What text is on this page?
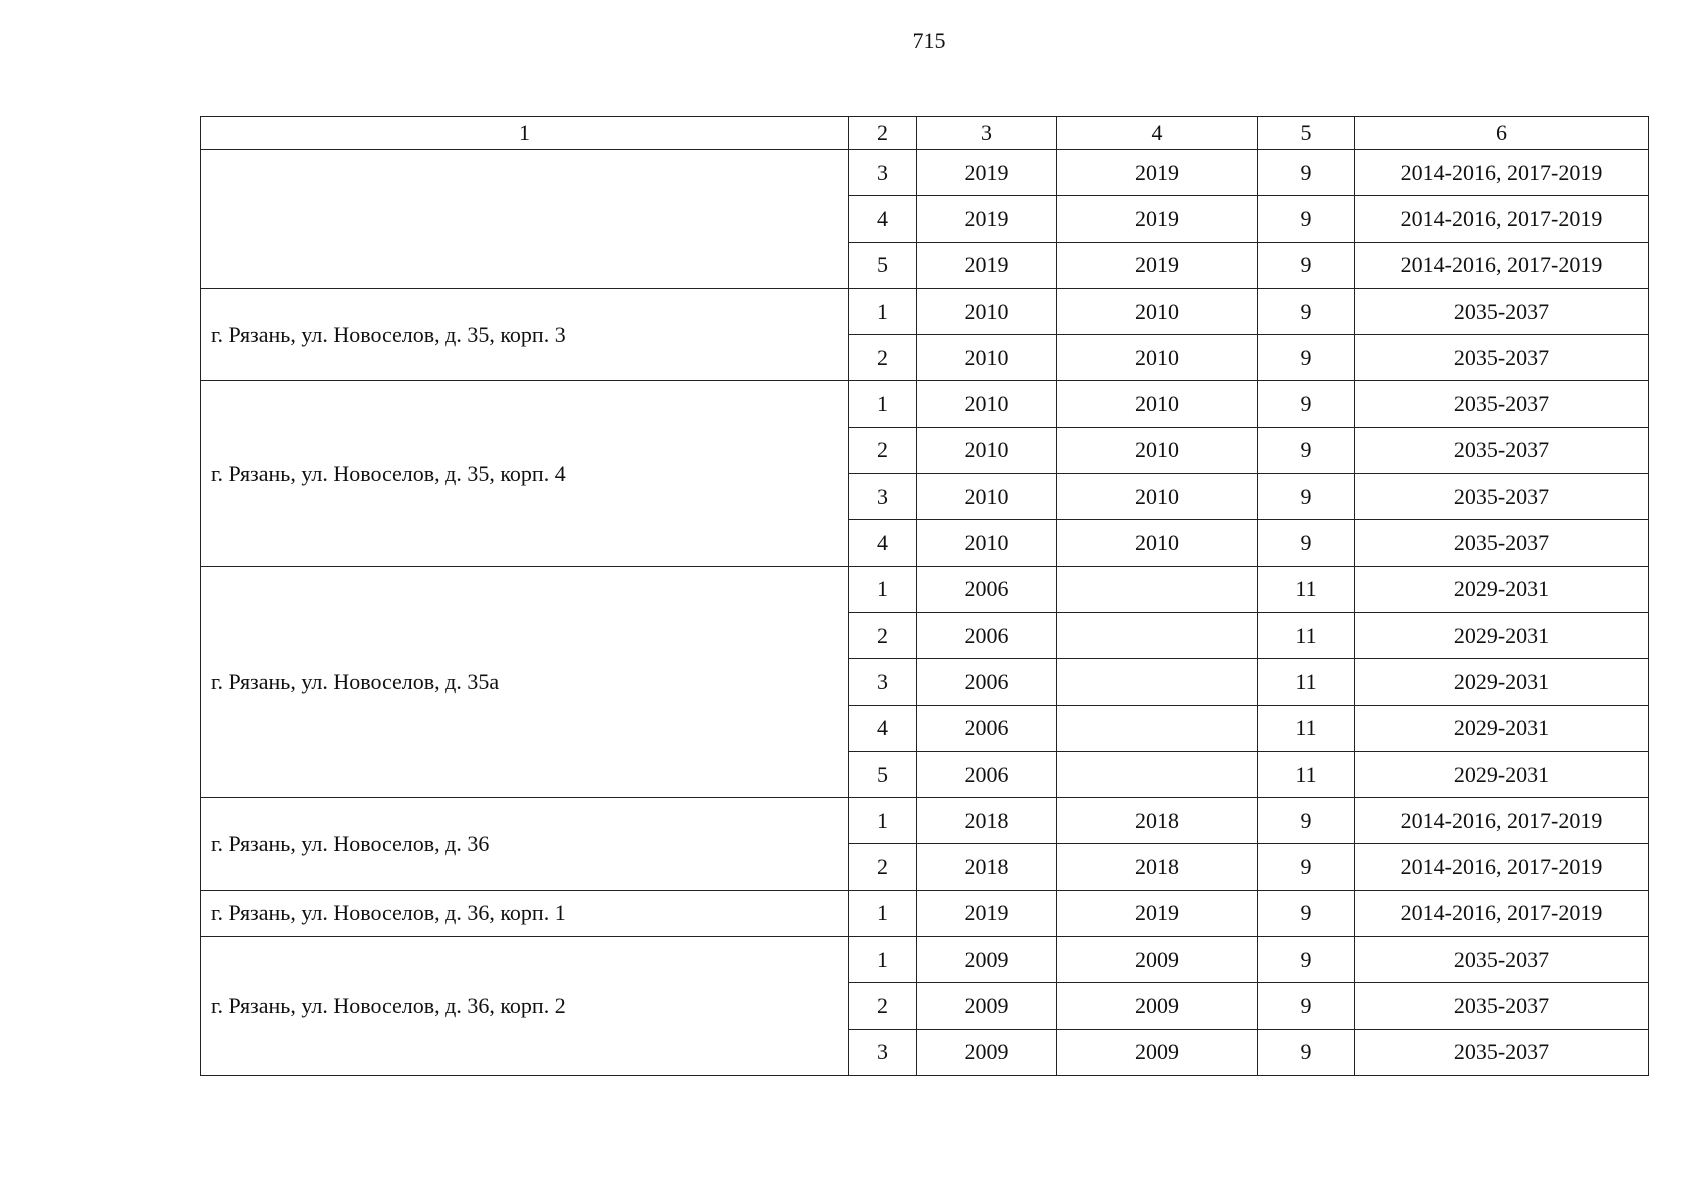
715
1	2	3	4	5	6
	3	2019	2019	9	2014-2016, 2017-2019
	4	2019	2019	9	2014-2016, 2017-2019
	5	2019	2019	9	2014-2016, 2017-2019
г. Рязань, ул. Новоселов, д. 35, корп. 3	1	2010	2010	9	2035-2037
	2	2010	2010	9	2035-2037
г. Рязань, ул. Новоселов, д. 35, корп. 4	1	2010	2010	9	2035-2037
	2	2010	2010	9	2035-2037
	3	2010	2010	9	2035-2037
	4	2010	2010	9	2035-2037
г. Рязань, ул. Новоселов, д. 35а	1	2006		11	2029-2031
	2	2006		11	2029-2031
	3	2006		11	2029-2031
	4	2006		11	2029-2031
	5	2006		11	2029-2031
г. Рязань, ул. Новоселов, д. 36	1	2018	2018	9	2014-2016, 2017-2019
	2	2018	2018	9	2014-2016, 2017-2019
г. Рязань, ул. Новоселов, д. 36, корп. 1	1	2019	2019	9	2014-2016, 2017-2019
г. Рязань, ул. Новоселов, д. 36, корп. 2	1	2009	2009	9	2035-2037
	2	2009	2009	9	2035-2037
	3	2009	2009	9	2035-2037
